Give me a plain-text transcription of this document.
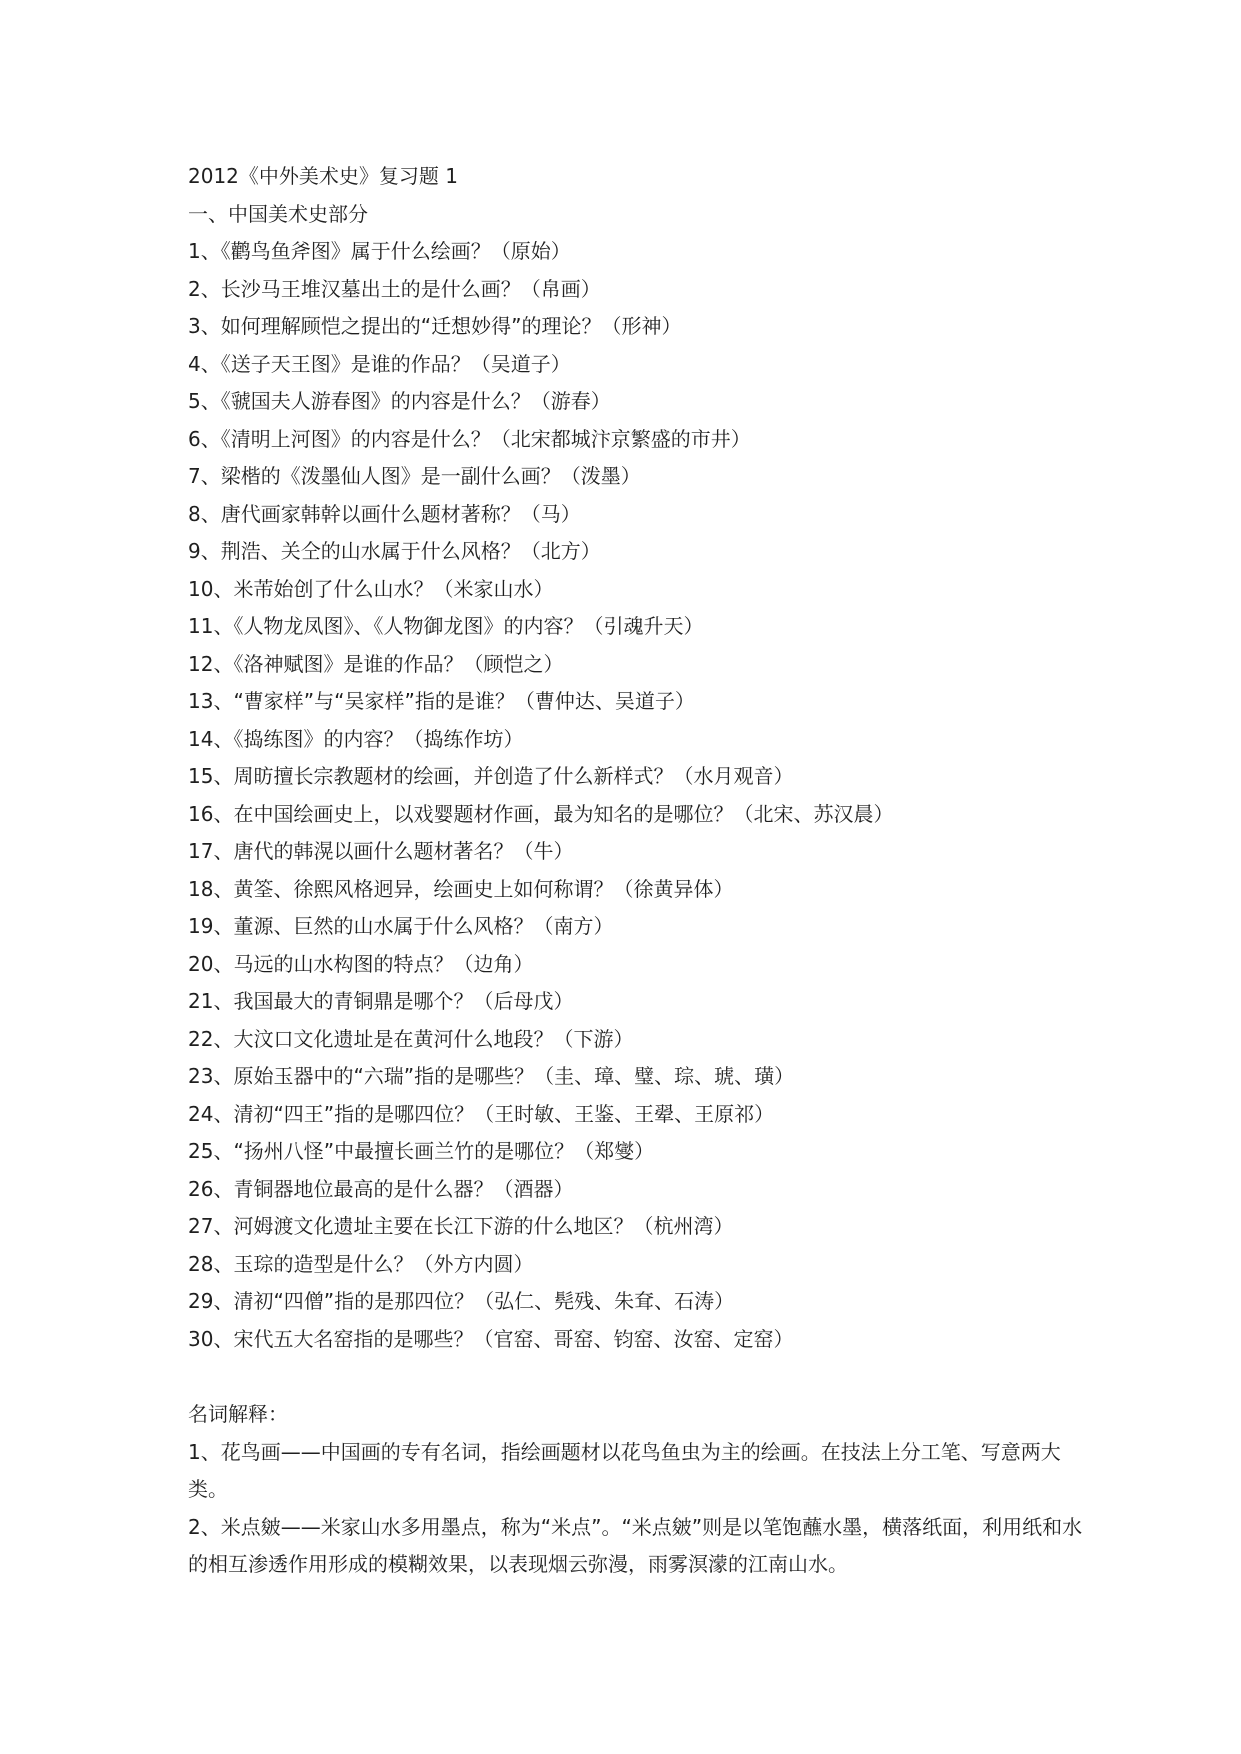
2012《中外美术史》复习题 1
一、中国美术史部分
1、《鹳鸟鱼斧图》属于什么绘画？（原始）
2、长沙马王堆汉墓出土的是什么画？（帛画）
3、如何理解顾恺之提出的“迁想妙得”的理论？（形神）
4、《送子天王图》是谁的作品？（吴道子）
5、《虢国夫人游春图》的内容是什么？（游春）
6、《清明上河图》的内容是什么？（北宋都城汴京繁盛的市井）
7、梁楷的《泼墨仙人图》是一副什么画？（泼墨）
8、唐代画家韩幹以画什么题材著称？（马）
9、荆浩、关仝的山水属于什么风格？（北方）
10、米芾始创了什么山水？（米家山水）
11、《人物龙凤图》、《人物御龙图》的内容？（引魂升天）
12、《洛神赋图》是谁的作品？（顾恺之）
13、“曹家样”与“吴家样”指的是谁？（曹仲达、吴道子）
14、《捣练图》的内容？（捣练作坊）
15、周昉擅长宗教题材的绘画，并创造了什么新样式？（水月观音）
16、在中国绘画史上，以戏婴题材作画，最为知名的是哪位？（北宋、苏汉晨）
17、唐代的韩滉以画什么题材著名？（牛）
18、黄筌、徐熙风格迥异，绘画史上如何称谓？（徐黄异体）
19、董源、巨然的山水属于什么风格？（南方）
20、马远的山水构图的特点？（边角）
21、我国最大的青铜鼎是哪个？（后母戊）
22、大汶口文化遗址是在黄河什么地段？（下游）
23、原始玉器中的“六瑞”指的是哪些？（圭、璋、璧、琮、琥、璜）
24、清初“四王”指的是哪四位？（王时敏、王鉴、王翚、王原祁）
25、“扬州八怪”中最擅长画兰竹的是哪位？（郑燮）
26、青铜器地位最高的是什么器？（酒器）
27、河姆渡文化遗址主要在长江下游的什么地区？（杭州湾）
28、玉琮的造型是什么？（外方内圆）
29、清初“四僧”指的是那四位？（弘仁、髡残、朱耷、石涛）
30、宋代五大名窑指的是哪些？（官窑、哥窑、钧窑、汝窑、定窑）
名词解释：
1、花鸟画——中国画的专有名词，指绘画题材以花鸟鱼虫为主的绘画。在技法上分工笔、写意两大类。
2、米点皴——米家山水多用墨点，称为“米点”。“米点皴”则是以笔饱蘸水墨，横落纸面，利用纸和水的相互渗透作用形成的模糊效果，以表现烟云弥漫，雨雾溟濛的江南山水。
